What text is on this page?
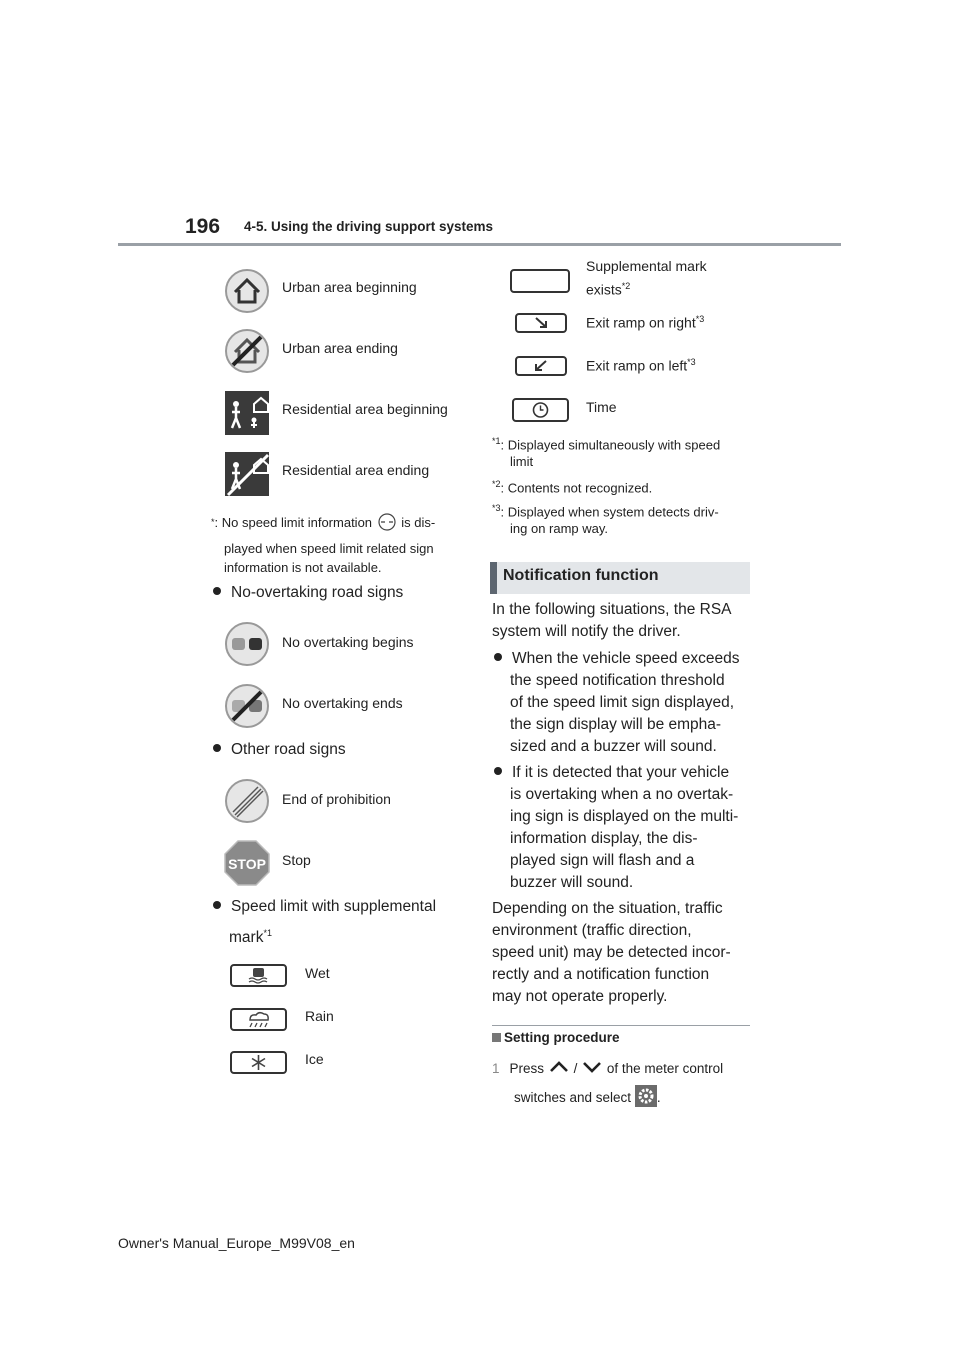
196 4-5. Using the driving support systems
Urban area beginning
Urban area ending
Residential area beginning
Residential area ending
*: No speed limit information is dis-
played when speed limit related sign
information is not available.
No-overtaking road signs
No overtaking begins
No overtaking ends
Other road signs
End of prohibition
STOP Stop
Speed limit with supplemental
mark$^{*1}$
Wet
Rain
Ice
Supplemental mark
exists$^{*2}$
Exit ramp on right$^{*3}$
Exit ramp on left$^{*3}$
Time
$^{*1}$: Displayed simultaneously with speed
limit
$^{*2}$: Contents not recognized.
$^{*3}$: Displayed when system detects driv-
ing on ramp way.
Notification function
In the following situations, the RSA
system will notify the driver.
When the vehicle speed exceeds
the speed notification threshold
of the speed limit sign displayed,
the sign display will be empha-
sized and a buzzer will sound.
If it is detected that your vehicle
is overtaking when a no overtak-
ing sign is displayed on the multi-
information display, the dis-
played sign will flash and a
buzzer will sound.
Depending on the situation, traffic
environment (traffic direction,
speed unit) may be detected incor-
rectly and a notification function
may not operate properly.
Setting procedure
1 Press / of the meter control
switches and select .
Owner's Manual_Europe_M99V08_en
